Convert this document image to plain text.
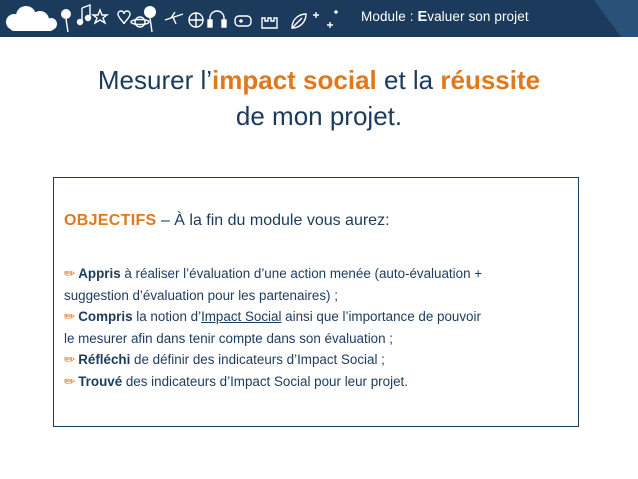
Module : Evaluer son projet
Mesurer l’impact social et la réussite
de mon projet.
OBJECTIFS – À la fin du module vous aurez:
✏ Appris à réaliser l’évaluation d’une action menée (auto-évaluation +
suggestion d’évaluation pour les partenaires) ;
✏ Compris la notion d’Impact Social ainsi que l’importance de pouvoir
le mesurer afin dans tenir compte dans son évaluation ;
✏ Réfléchi de définir des indicateurs d’Impact Social ;
✏ Trouvé des indicateurs d’Impact Social pour leur projet.
